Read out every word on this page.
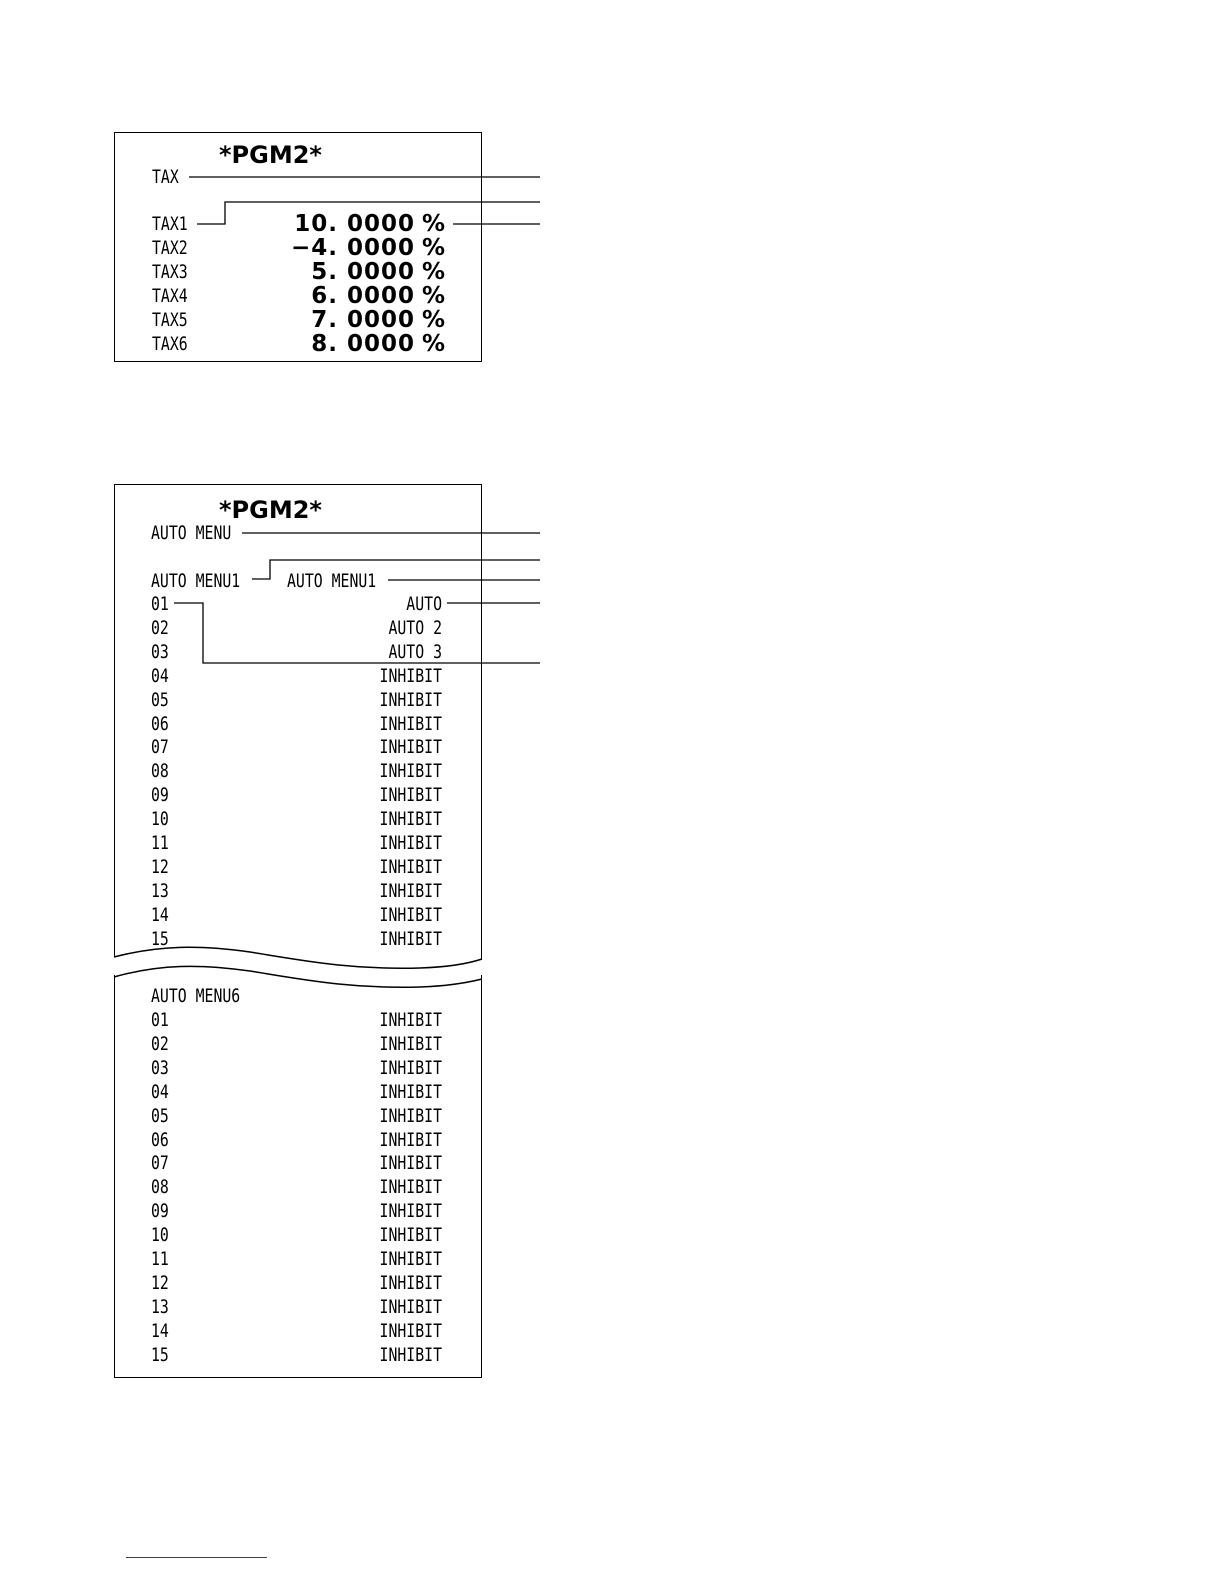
*PGM2*
TAX
TAX1	10. 0000 %
TAX2	−4. 0000 %
TAX3	5. 0000 %
TAX4	6. 0000 %
TAX5	7. 0000 %
TAX6	8. 0000 %
*PGM2*
AUTO MENU
AUTO MENU1 AUTO MENU1
01	AUTO
02	AUTO 2
03	AUTO 3
04	INHIBIT
05	INHIBIT
06	INHIBIT
07	INHIBIT
08	INHIBIT
09	INHIBIT
10	INHIBIT
11	INHIBIT
12	INHIBIT
13	INHIBIT
14	INHIBIT
15	INHIBIT
AUTO MENU6
01	INHIBIT
02	INHIBIT
03	INHIBIT
04	INHIBIT
05	INHIBIT
06	INHIBIT
07	INHIBIT
08	INHIBIT
09	INHIBIT
10	INHIBIT
11	INHIBIT
12	INHIBIT
13	INHIBIT
14	INHIBIT
15	INHIBIT
